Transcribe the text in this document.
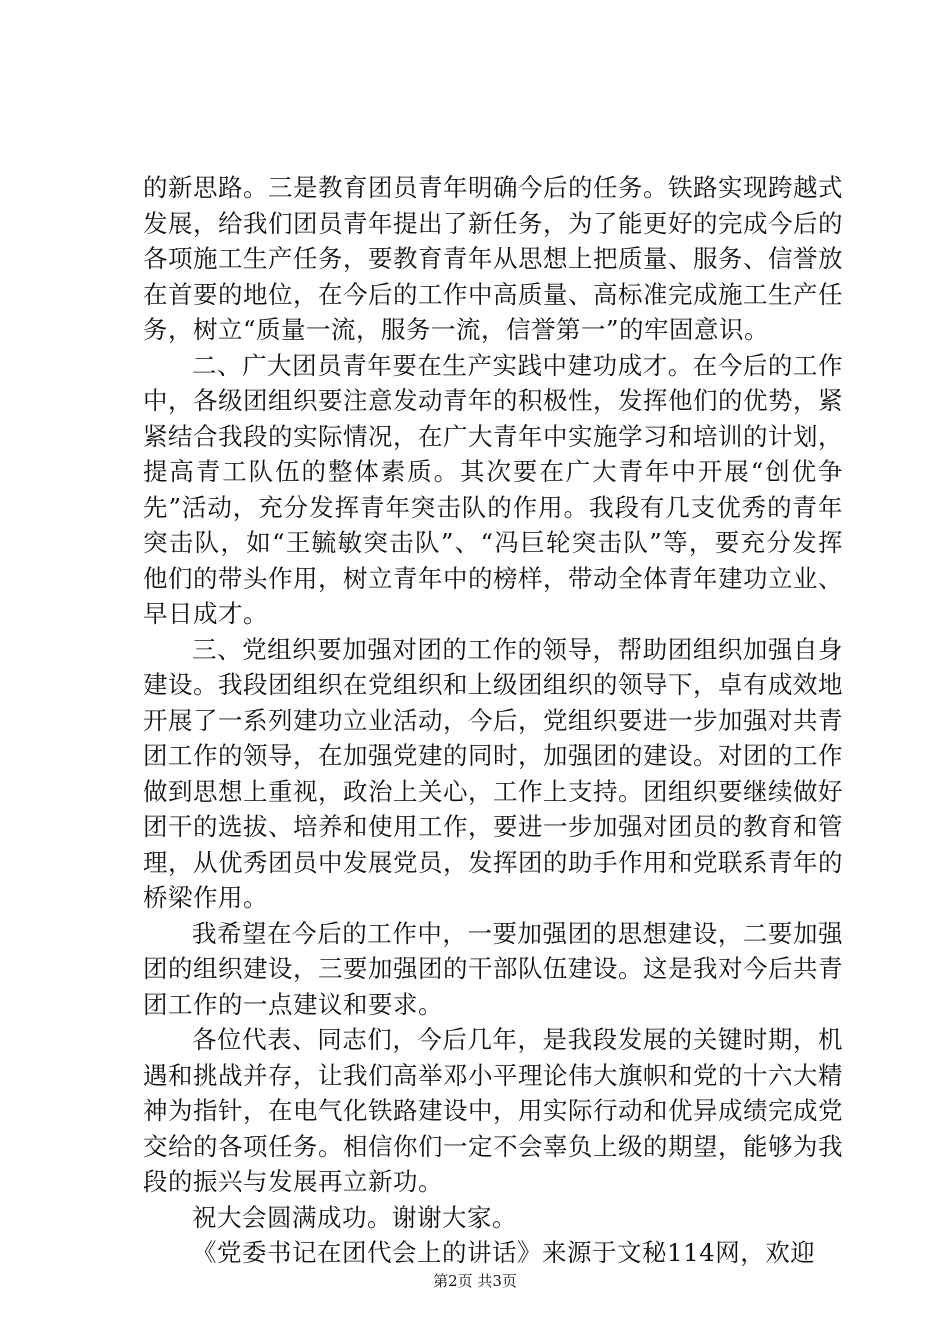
的新思路。三是教育团员青年明确今后的任务。铁路实现跨越式发展，给我们团员青年提出了新任务，为了能更好的完成今后的各项施工生产任务，要教育青年从思想上把质量、服务、信誉放在首要的地位，在今后的工作中高质量、高标准完成施工生产任务，树立“质量一流，服务一流，信誉第一”的牢固意识。

二、广大团员青年要在生产实践中建功成才。在今后的工作中，各级团组织要注意发动青年的积极性，发挥他们的优势，紧紧结合我段的实际情况，在广大青年中实施学习和培训的计划，提高青工队伍的整体素质。其次要在广大青年中开展“创优争先”活动，充分发挥青年突击队的作用。我段有几支优秀的青年突击队，如“王毓敏突击队”、“冯巨轮突击队”等，要充分发挥他们的带头作用，树立青年中的榜样，带动全体青年建功立业、早日成才。

三、党组织要加强对团的工作的领导，帮助团组织加强自身建设。我段团组织在党组织和上级团组织的领导下，卓有成效地开展了一系列建功立业活动，今后，党组织要进一步加强对共青团工作的领导，在加强党建的同时，加强团的建设。对团的工作做到思想上重视，政治上关心，工作上支持。团组织要继续做好团干的选拔、培养和使用工作，要进一步加强对团员的教育和管理，从优秀团员中发展党员，发挥团的助手作用和党联系青年的桥梁作用。

我希望在今后的工作中，一要加强团的思想建设，二要加强团的组织建设，三要加强团的干部队伍建设。这是我对今后共青团工作的一点建议和要求。

各位代表、同志们，今后几年，是我段发展的关键时期，机遇和挑战并存，让我们高举邓小平理论伟大旗帜和党的十六大精神为指针，在电气化铁路建设中，用实际行动和优异成绩完成党交给的各项任务。相信你们一定不会辜负上级的期望，能够为我段的振兴与发展再立新功。

祝大会圆满成功。谢谢大家。

《党委书记在团代会上的讲话》来源于文秘114网，欢迎

第2页 共3页
